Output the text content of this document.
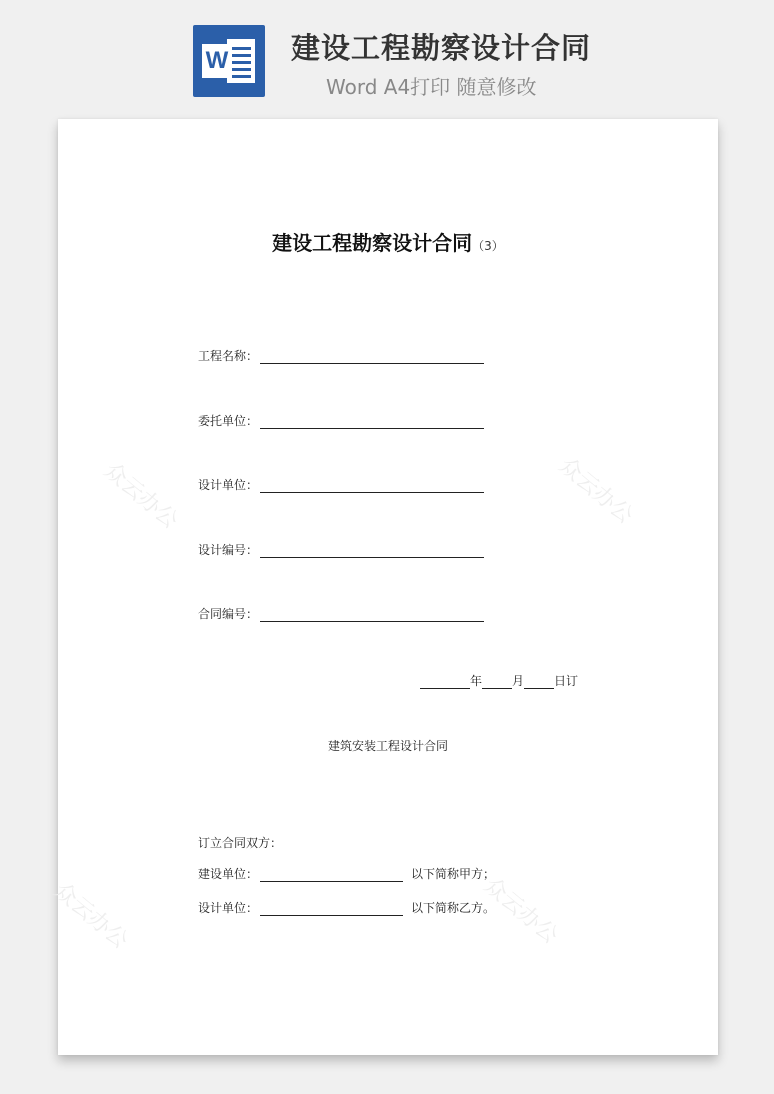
W 建设工程勘察设计合同
Word A4打印 随意修改
众云办公	众云办公
众云办公	众云办公
建设工程勘察设计合同（3）
工程名称：
委托单位：
设计单位：
设计编号：
合同编号：
年	月	日订
建筑安装工程设计合同
订立合同双方：
建设单位：	以下简称甲方；
设计单位：	以下简称乙方。
